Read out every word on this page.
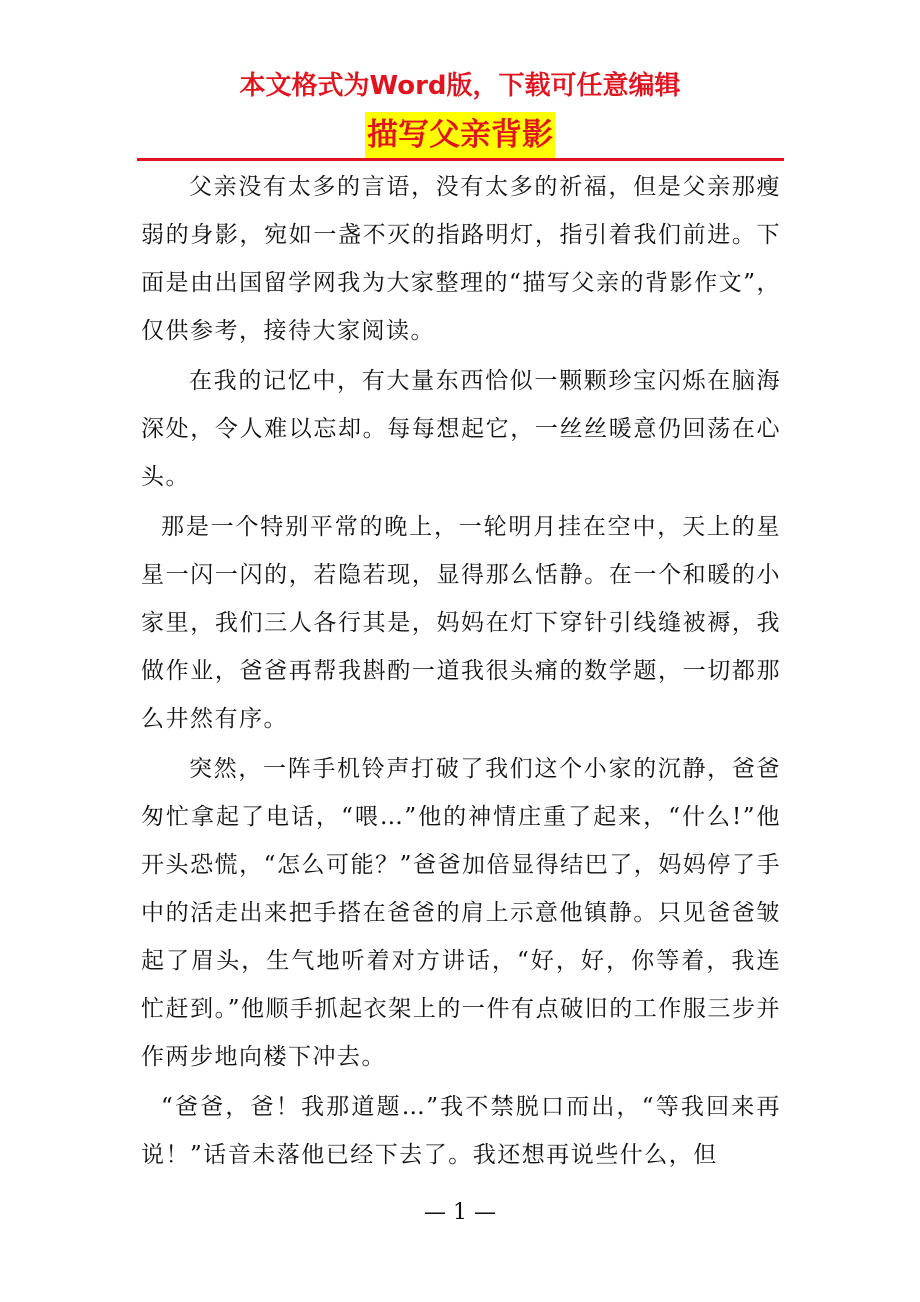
本文格式为Word版，下载可任意编辑
描写父亲背影

父亲没有太多的言语，没有太多的祈福，但是父亲那瘦弱的身影，宛如一盏不灭的指路明灯，指引着我们前进。下面是由出国留学网我为大家整理的“描写父亲的背影作文”，仅供参考，接待大家阅读。

在我的记忆中，有大量东西恰似一颗颗珍宝闪烁在脑海深处，令人难以忘却。每每想起它，一丝丝暖意仍回荡在心头。

那是一个特别平常的晚上，一轮明月挂在空中，天上的星星一闪一闪的，若隐若现，显得那么恬静。在一个和暖的小家里，我们三人各行其是，妈妈在灯下穿针引线缝被褥，我做作业，爸爸再帮我斟酌一道我很头痛的数学题，一切都那么井然有序。

突然，一阵手机铃声打破了我们这个小家的沉静，爸爸匆忙拿起了电话，“喂…”他的神情庄重了起来，“什么!”他开头恐慌，“怎么可能？”爸爸加倍显得结巴了，妈妈停了手中的活走出来把手搭在爸爸的肩上示意他镇静。只见爸爸皱起了眉头，生气地听着对方讲话，“好，好，你等着，我连忙赶到。”他顺手抓起衣架上的一件有点破旧的工作服三步并作两步地向楼下冲去。

“爸爸，爸！我那道题…”我不禁脱口而出，“等我回来再说！”话音未落他已经下去了。我还想再说些什么，但

— 1 —
